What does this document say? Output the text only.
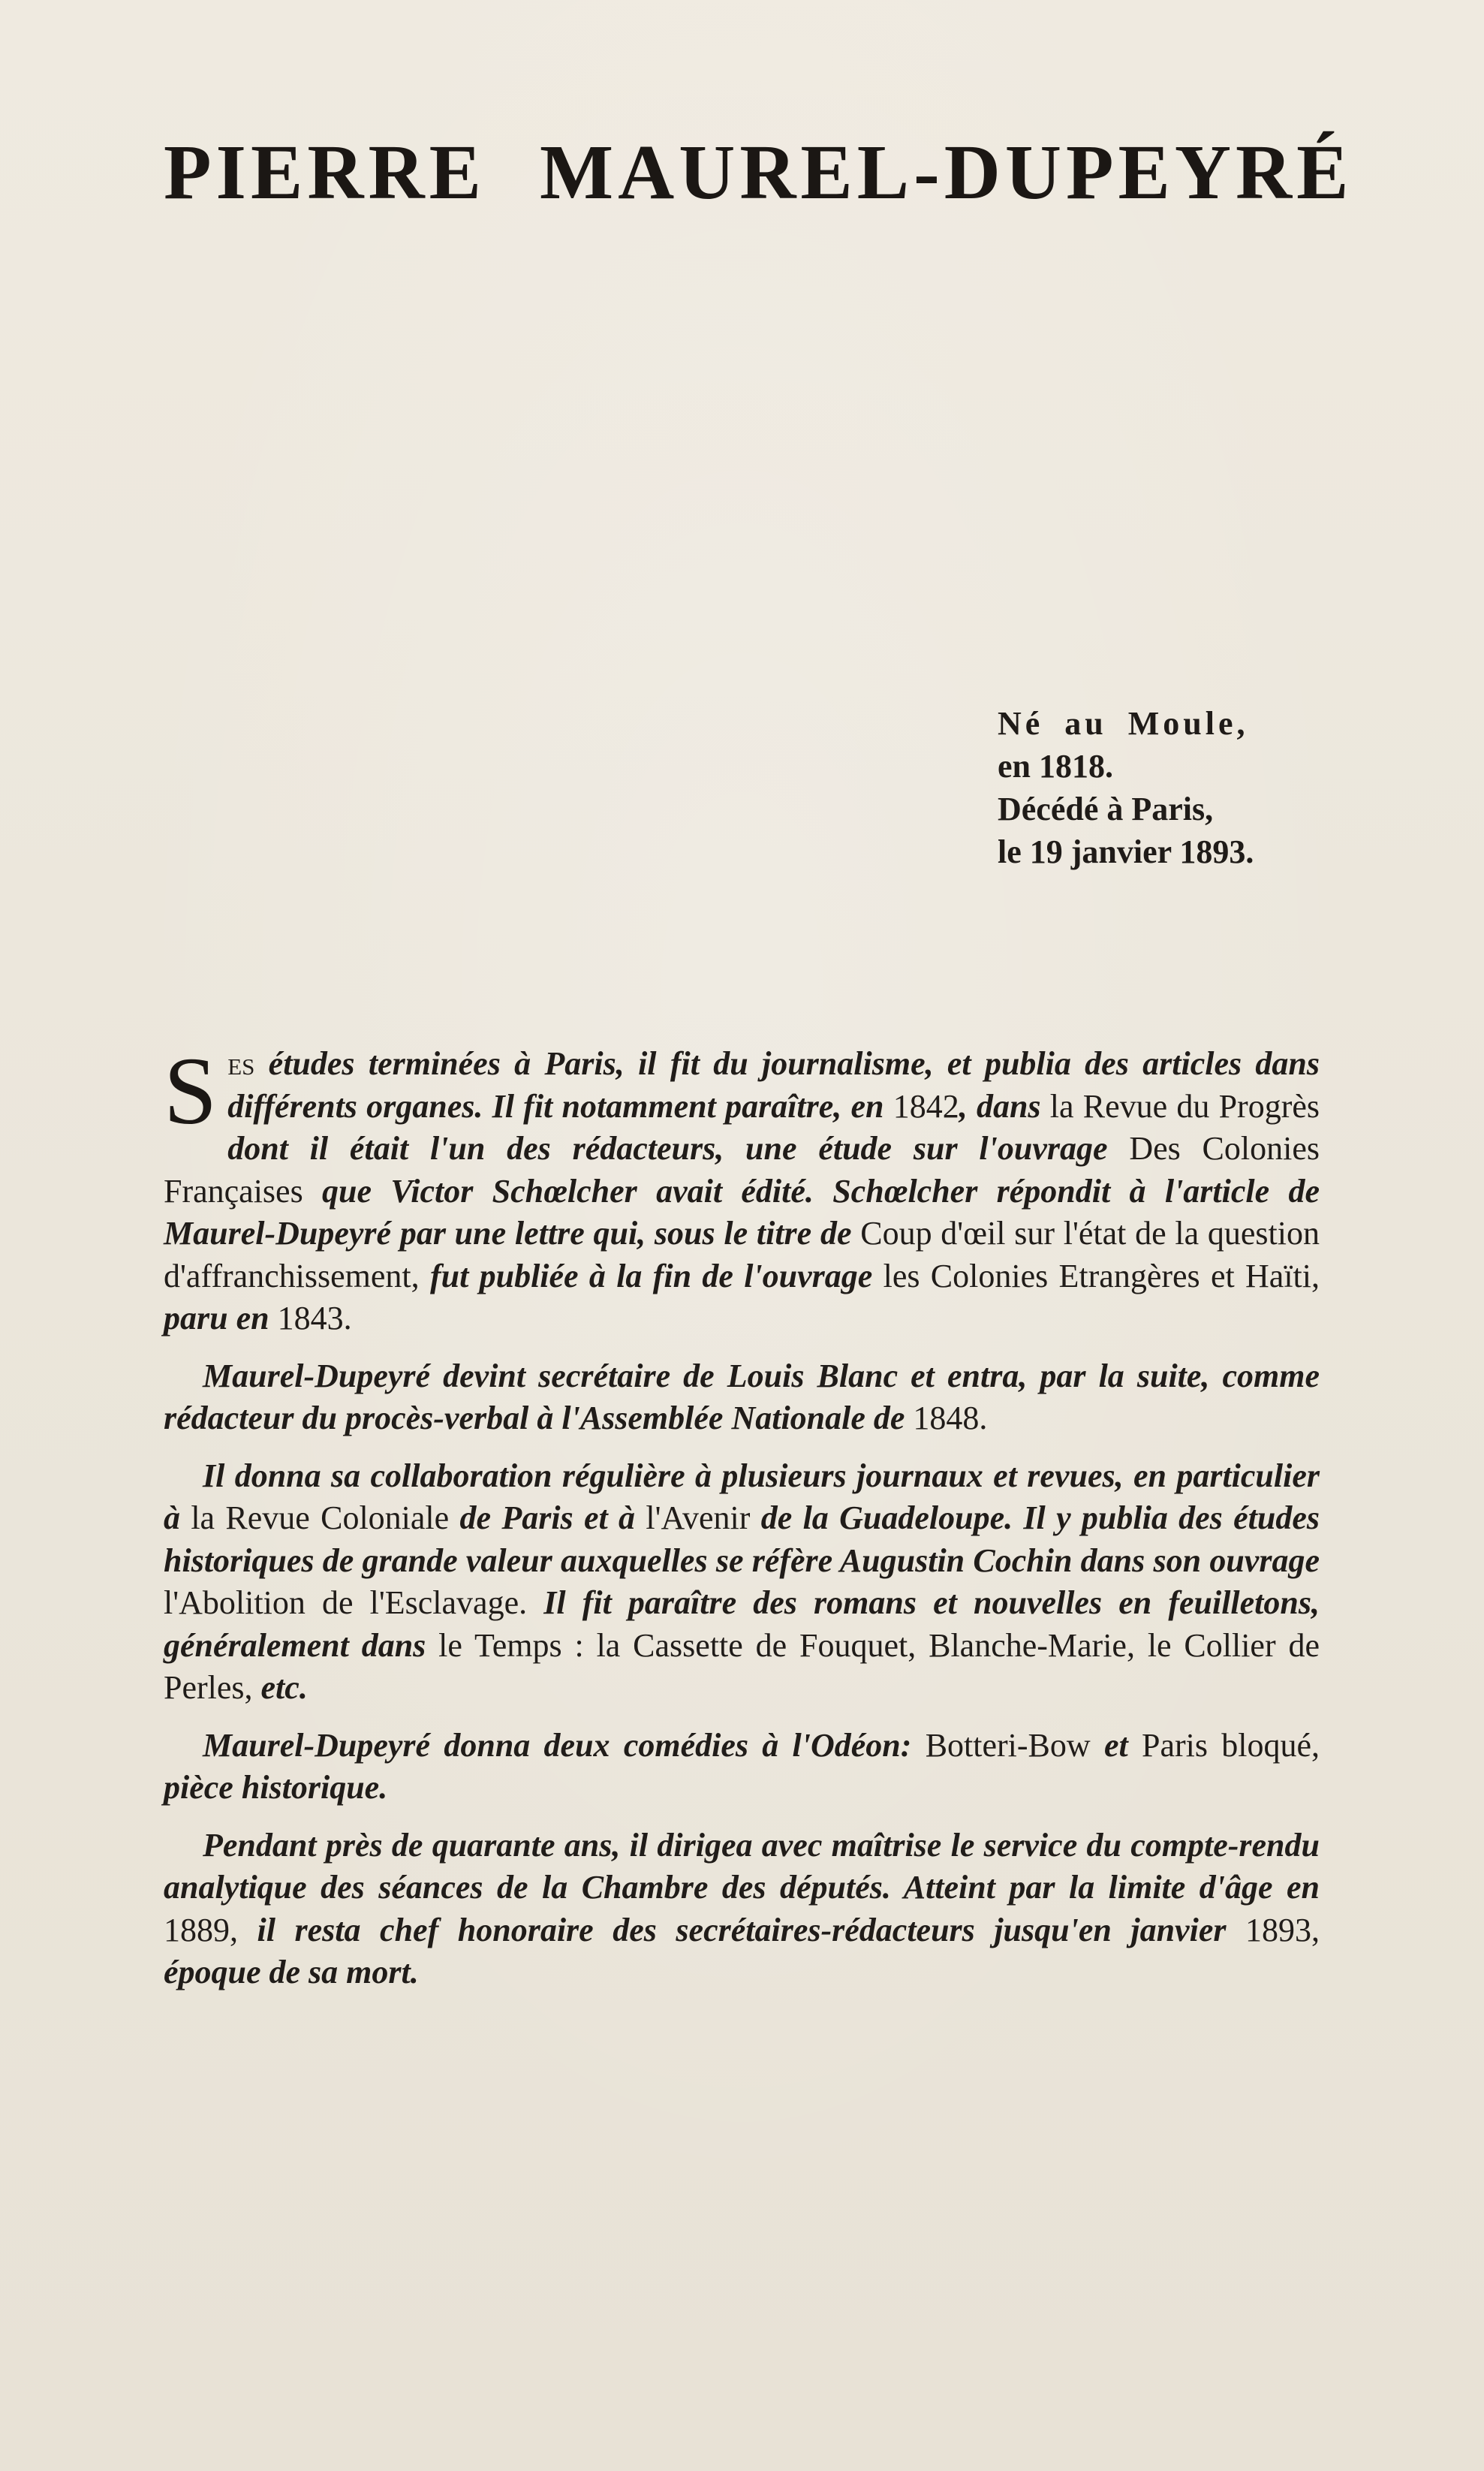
PIERRE MAUREL-DUPEYRÉ
Né au Moule,
en 1818.
Décédé à Paris,
le 19 janvier 1893.

Ses études terminées à Paris, il fit du journalisme, et publia des articles dans différents organes. Il fit notamment paraître, en 1842, dans la Revue du Progrès dont il était l'un des rédacteurs, une étude sur l'ouvrage Des Colonies Françaises que Victor Schœlcher avait édité. Schœlcher répondit à l'article de Maurel-Dupeyré par une lettre qui, sous le titre de Coup d'œil sur l'état de la question d'affranchissement, fut publiée à la fin de l'ouvrage les Colonies Etrangères et Haïti, paru en 1843.

Maurel-Dupeyré devint secrétaire de Louis Blanc et entra, par la suite, comme rédacteur du procès-verbal à l'Assemblée Nationale de 1848.

Il donna sa collaboration régulière à plusieurs journaux et revues, en particulier à la Revue Coloniale de Paris et à l'Avenir de la Guadeloupe. Il y publia des études historiques de grande valeur auxquelles se réfère Augustin Cochin dans son ouvrage l'Abolition de l'Esclavage. Il fit paraître des romans et nouvelles en feuilletons, généralement dans le Temps : la Cassette de Fouquet, Blanche-Marie, le Collier de Perles, etc.

Maurel-Dupeyré donna deux comédies à l'Odéon: Botteri-Bow et Paris bloqué, pièce historique.

Pendant près de quarante ans, il dirigea avec maîtrise le service du compte-rendu analytique des séances de la Chambre des députés. Atteint par la limite d'âge en 1889, il resta chef honoraire des secrétaires-rédacteurs jusqu'en janvier 1893, époque de sa mort.
